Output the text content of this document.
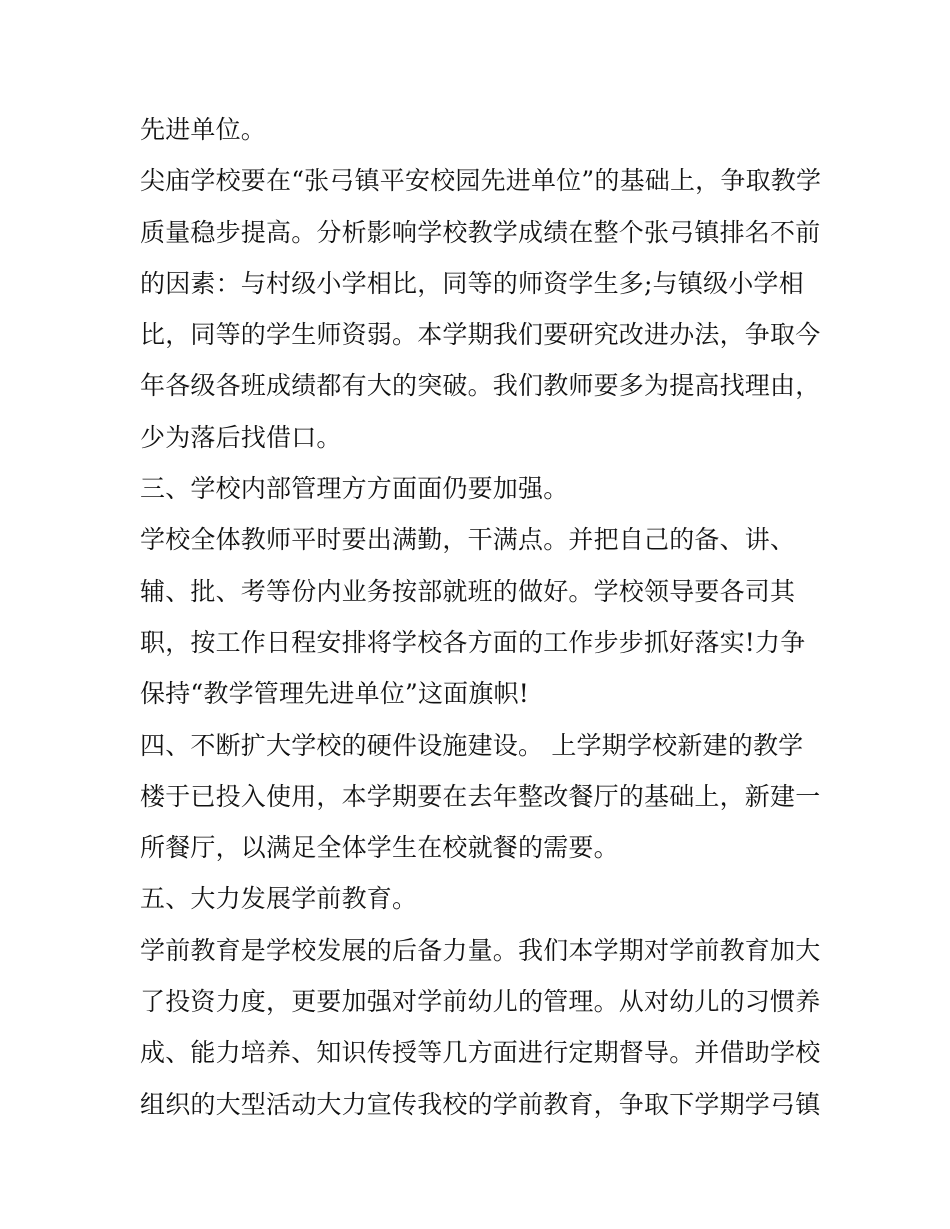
先进单位。
尖庙学校要在“张弓镇平安校园先进单位”的基础上，争取教学
质量稳步提高。分析影响学校教学成绩在整个张弓镇排名不前
的因素：与村级小学相比，同等的师资学生多;与镇级小学相
比，同等的学生师资弱。本学期我们要研究改进办法，争取今
年各级各班成绩都有大的突破。我们教师要多为提高找理由，
少为落后找借口。
三、学校内部管理方方面面仍要加强。
学校全体教师平时要出满勤，干满点。并把自己的备、讲、
辅、批、考等份内业务按部就班的做好。学校领导要各司其
职，按工作日程安排将学校各方面的工作步步抓好落实!力争
保持“教学管理先进单位”这面旗帜!
四、不断扩大学校的硬件设施建设。 上学期学校新建的教学
楼于已投入使用，本学期要在去年整改餐厅的基础上，新建一
所餐厅，以满足全体学生在校就餐的需要。
五、大力发展学前教育。
学前教育是学校发展的后备力量。我们本学期对学前教育加大
了投资力度，更要加强对学前幼儿的管理。从对幼儿的习惯养
成、能力培养、知识传授等几方面进行定期督导。并借助学校
组织的大型活动大力宣传我校的学前教育，争取下学期学弓镇
